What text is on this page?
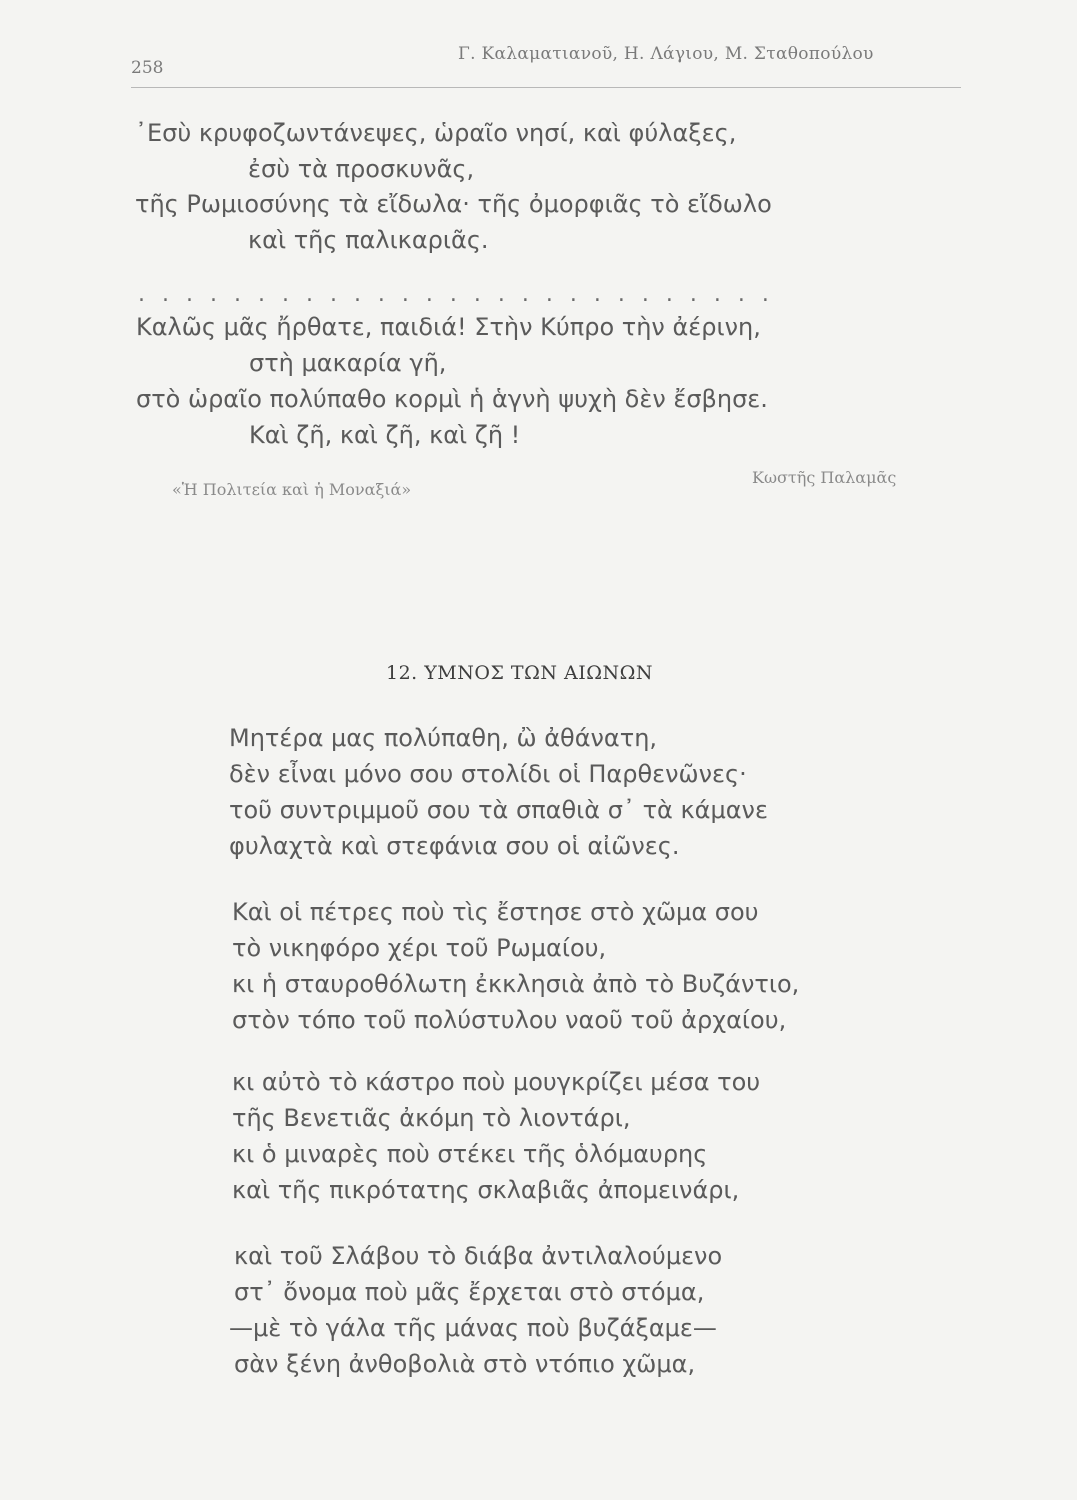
258
Γ. Καλαματιανοῦ, Η. Λάγιου, Μ. Σταθοπούλου
᾿Εσὺ κρυφοζωντάνεψες, ὡραῖο νησί, καὶ φύλαξες,
ἐσὺ τὰ προσκυνᾶς,
τῆς Ρωμιοσύνης τὰ εἴδωλα· τῆς ὀμορφιᾶς τὸ εἴδωλο
καὶ τῆς παλικαριᾶς.
...........................
Καλῶς μᾶς ἤρθατε, παιδιά! Στὴν Κύπρο τὴν ἀέρινη,
στὴ μακαρία γῆ,
στὸ ὡραῖο πολύπαθο κορμὶ ἡ ἁγνὴ ψυχὴ δὲν ἔσβησε.
Καὶ ζῆ, καὶ ζῆ, καὶ ζῆ !
«Ἡ Πολιτεία καὶ ἡ Μοναξιά»
Κωστῆς Παλαμᾶς
12. ΥΜΝΟΣ ΤΩΝ ΑΙΩΝΩΝ
Μητέρα μας πολύπαθη, ὢ ἀθάνατη,
δὲν εἶναι μόνο σου στολίδι οἱ Παρθενῶνες·
τοῦ συντριμμοῦ σου τὰ σπαθιὰ σ᾿ τὰ κάμανε
φυλαχτὰ καὶ στεφάνια σου οἱ αἰῶνες.
Καὶ οἱ πέτρες ποὺ τὶς ἔστησε στὸ χῶμα σου
τὸ νικηφόρο χέρι τοῦ Ρωμαίου,
κι ἡ σταυροθόλωτη ἐκκλησιὰ ἀπὸ τὸ Βυζάντιο,
στὸν τόπο τοῦ πολύστυλου ναοῦ τοῦ ἀρχαίου,
κι αὐτὸ τὸ κάστρο ποὺ μουγκρίζει μέσα του
τῆς Βενετιᾶς ἀκόμη τὸ λιοντάρι,
κι ὁ μιναρὲς ποὺ στέκει τῆς ὁλόμαυρης
καὶ τῆς πικρότατης σκλαβιᾶς ἀπομεινάρι,
καὶ τοῦ Σλάβου τὸ διάβα ἀντιλαλούμενο
στ᾿ ὄνομα ποὺ μᾶς ἔρχεται στὸ στόμα,
—μὲ τὸ γάλα τῆς μάνας ποὺ βυζάξαμε—
σὰν ξένη ἀνθοβολιὰ στὸ ντόπιο χῶμα,
